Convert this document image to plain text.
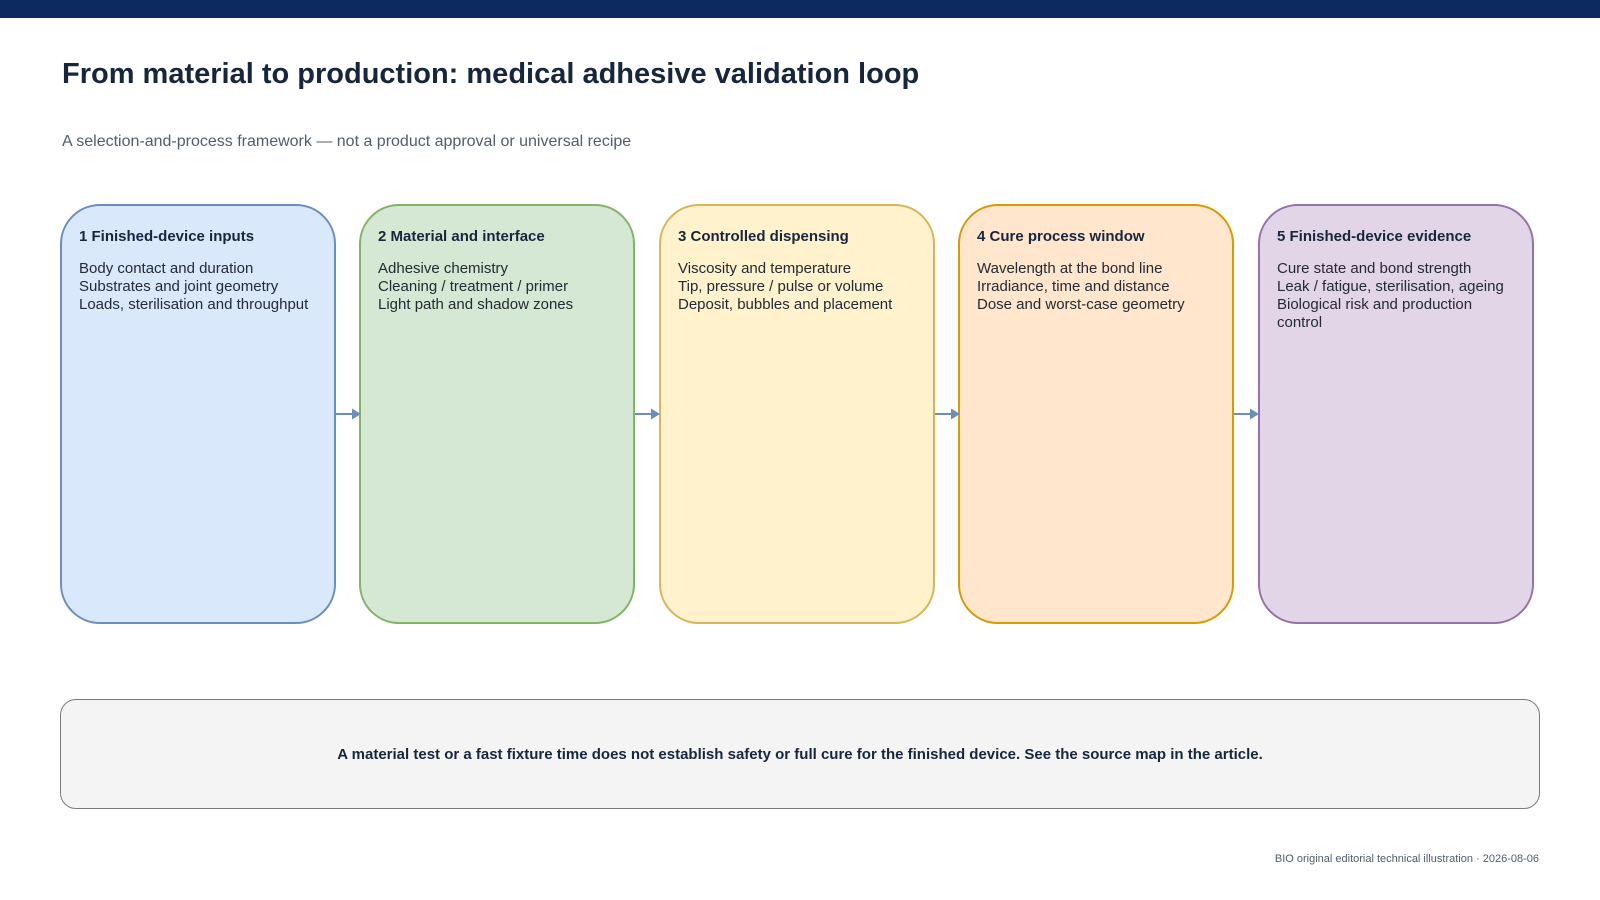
From material to production: medical adhesive validation loop
A selection-and-process framework — not a product approval or universal recipe
1 Finished-device inputs
Body contact and duration
Substrates and joint geometry
Loads, sterilisation and throughput
2 Material and interface
Adhesive chemistry
Cleaning / treatment / primer
Light path and shadow zones
3 Controlled dispensing
Viscosity and temperature
Tip, pressure / pulse or volume
Deposit, bubbles and placement
4 Cure process window
Wavelength at the bond line
Irradiance, time and distance
Dose and worst-case geometry
5 Finished-device evidence
Cure state and bond strength
Leak / fatigue, sterilisation, ageing
Biological risk and production
control
A material test or a fast fixture time does not establish safety or full cure for the finished device. See the source map in the article.
BIO original editorial technical illustration · 2026-08-06
